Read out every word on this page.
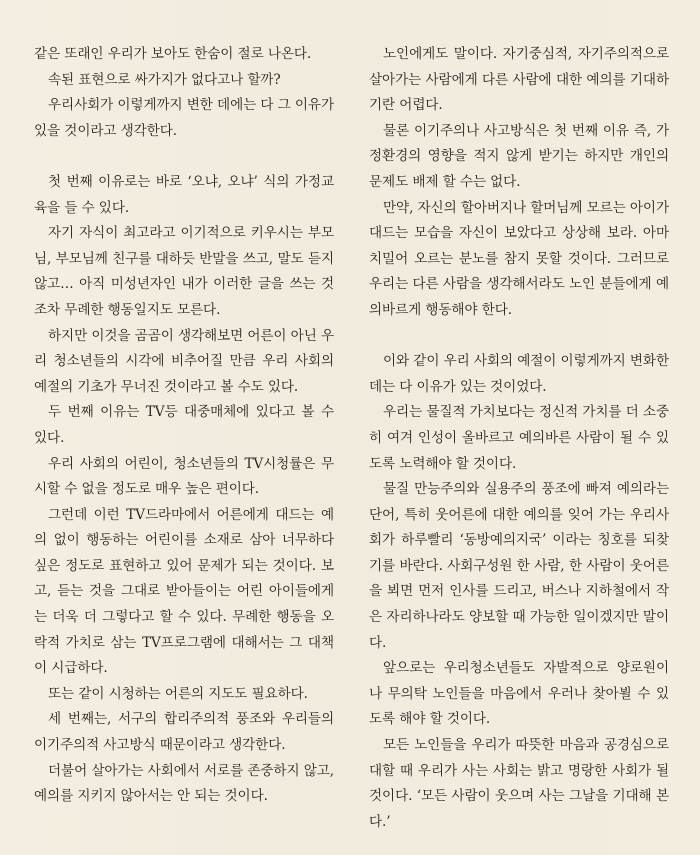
같은 또래인 우리가 보아도 한숨이 절로 나온다.

속된 표현으로 싸가지가 없다고나 할까?

우리사회가 이렇게까지 변한 데에는 다 그 이유가 있을 것이라고 생각한다.

첫 번째 이유로는 바로 ‘오냐, 오냐’ 식의 가정교육을 들 수 있다.

자기 자식이 최고라고 이기적으로 키우시는 부모님, 부모님께 친구를 대하듯 반말을 쓰고, 말도 듣지 않고… 아직 미성년자인 내가 이러한 글을 쓰는 것조차 무례한 행동일지도 모른다.

하지만 이것을 곰곰이 생각해보면 어른이 아닌 우리 청소년들의 시각에 비추어질 만큼 우리 사회의 예절의 기초가 무너진 것이라고 볼 수도 있다.

두 번째 이유는 TV등 대중매체에 있다고 볼 수 있다.

우리 사회의 어린이, 청소년들의 TV시청률은 무시할 수 없을 정도로 매우 높은 편이다.

그런데 이런 TV드라마에서 어른에게 대드는 예의 없이 행동하는 어린이를 소재로 삼아 너무하다 싶은 정도로 표현하고 있어 문제가 되는 것이다. 보고, 듣는 것을 그대로 받아들이는 어린 아이들에게는 더욱 더 그렇다고 할 수 있다. 무례한 행동을 오락적 가치로 삼는 TV프로그램에 대해서는 그 대책이 시급하다.

또는 같이 시청하는 어른의 지도도 필요하다.

세 번째는, 서구의 합리주의적 풍조와 우리들의 이기주의적 사고방식 때문이라고 생각한다.

더불어 살아가는 사회에서 서로를 존중하지 않고, 예의를 지키지 않아서는 안 되는 것이다.

노인에게도 말이다. 자기중심적, 자기주의적으로 살아가는 사람에게 다른 사람에 대한 예의를 기대하기란 어렵다.

물론 이기주의나 사고방식은 첫 번째 이유 즉, 가정환경의 영향을 적지 않게 받기는 하지만 개인의 문제도 배제 할 수는 없다.

만약, 자신의 할아버지나 할머님께 모르는 아이가 대드는 모습을 자신이 보았다고 상상해 보라. 아마 치밀어 오르는 분노를 참지 못할 것이다. 그러므로 우리는 다른 사람을 생각해서라도 노인 분들에게 예의바르게 행동해야 한다.

이와 같이 우리 사회의 예절이 이렇게까지 변화한데는 다 이유가 있는 것이었다.

우리는 물질적 가치보다는 정신적 가치를 더 소중히 여겨 인성이 올바르고 예의바른 사람이 될 수 있도록 노력해야 할 것이다.

물질 만능주의와 실용주의 풍조에 빠져 예의라는 단어, 특히 웃어른에 대한 예의를 잊어 가는 우리사회가 하루빨리 ‘동방예의지국’ 이라는 칭호를 되찾기를 바란다. 사회구성원 한 사람, 한 사람이 웃어른을 뵈면 먼저 인사를 드리고, 버스나 지하철에서 작은 자리하나라도 양보할 때 가능한 일이겠지만 말이다.

앞으로는 우리청소년들도 자발적으로 양로원이나 무의탁 노인들을 마음에서 우러나 찾아뵐 수 있도록 해야 할 것이다.

모든 노인들을 우리가 따뜻한 마음과 공경심으로 대할 때 우리가 사는 사회는 밝고 명랑한 사회가 될 것이다. ‘모든 사람이 웃으며 사는 그날을 기대해 본다.’
